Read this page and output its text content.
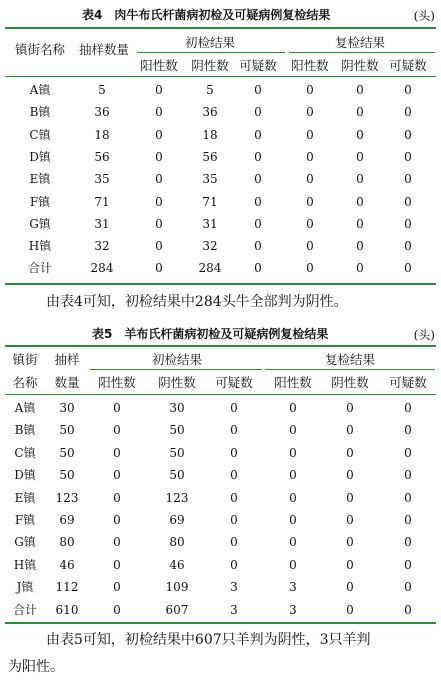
表4　肉牛布氏杆菌病初检及可疑病例复检结果	(头)
镇街名称 抽样数量	初检结果	复检结果
阳性数 阴性数 可疑数 阳性数 阴性数 可疑数
A镇	5	0	5	0	0	0	0
B镇	36	0	36	0	0	0	0
C镇	18	0	18	0	0	0	0
D镇	56	0	56	0	0	0	0
E镇	35	0	35	0	0	0	0
F镇	71	0	71	0	0	0	0
G镇	31	0	31	0	0	0	0
H镇	32	0	32	0	0	0	0
合计	284	0	284	0	0	0	0
由表4可知，初检结果中284头牛全部判为阴性。
表5　羊布氏杆菌病初检及可疑病例复检结果	(头)
镇街
名称
抽样
数量
初检结果	复检结果
阳性数 阴性数 可疑数 阳性数 阴性数 可疑数
A镇 30	0	30	0	0	0	0
B镇 50	0	50	0	0	0	0
C镇 50	0	50	0	0	0	0
D镇 50	0	50	0	0	0	0
E镇 123	0	123	0	0	0	0
F镇 69	0	69	0	0	0	0
G镇 80	0	80	0	0	0	0
H镇 46	0	46	0	0	0	0
J镇 112	0	109	3	3	0	0
合计 610	0	607	3	3	0	0
由表5可知，初检结果中607只羊判为阴性，3只羊判
为阳性。
